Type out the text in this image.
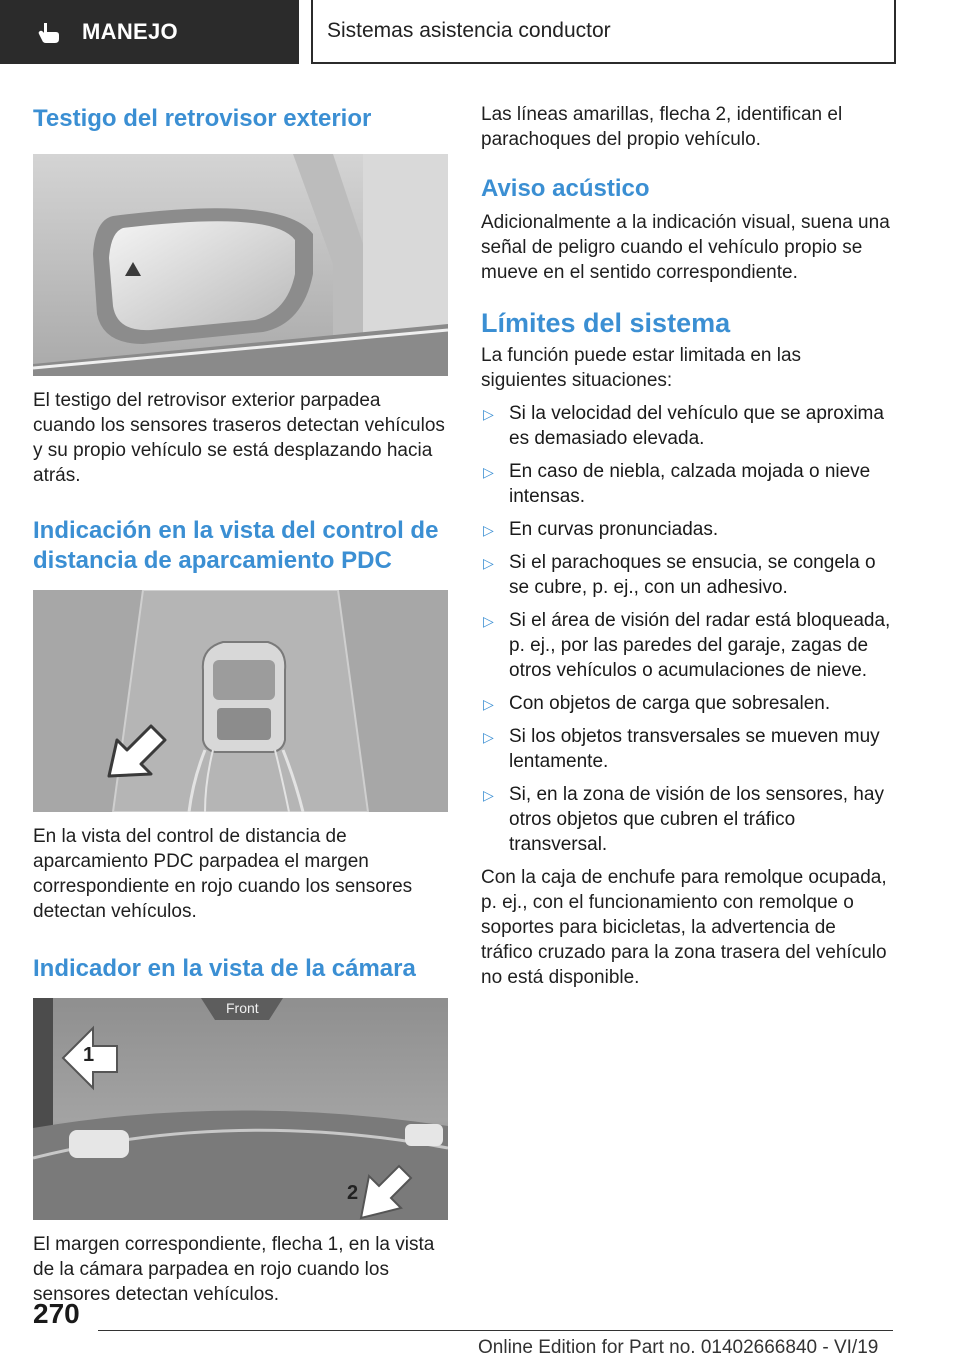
MANEJO	Sistemas asistencia conductor
Testigo del retrovisor exterior

El testigo del retrovisor exterior parpadea cuando los sensores traseros detectan vehículos y su propio vehículo se está desplazando hacia atrás.

Indicación en la vista del control de distancia de aparcamiento PDC

En la vista del control de distancia de aparcamiento PDC parpadea el margen correspondiente en rojo cuando los sensores detectan vehículos.

Indicador en la vista de la cámara
Front
1
2

El margen correspondiente, flecha 1, en la vista de la cámara parpadea en rojo cuando los sensores detectan vehículos.

Las líneas amarillas, flecha 2, identifican el parachoques del propio vehículo.

Aviso acústico

Adicionalmente a la indicación visual, suena una señal de peligro cuando el vehículo propio se mueve en el sentido correspondiente.

Límites del sistema

La función puede estar limitada en las siguientes situaciones:

▷ Si la velocidad del vehículo que se aproxima es demasiado elevada.
▷ En caso de niebla, calzada mojada o nieve intensas.
▷ En curvas pronunciadas.
▷ Si el parachoques se ensucia, se congela o se cubre, p. ej., con un adhesivo.
▷ Si el área de visión del radar está bloqueada, p. ej., por las paredes del garaje, zagas de otros vehículos o acumulaciones de nieve.
▷ Con objetos de carga que sobresalen.
▷ Si los objetos transversales se mueven muy lentamente.
▷ Si, en la zona de visión de los sensores, hay otros objetos que cubren el tráfico transversal.

Con la caja de enchufe para remolque ocupada, p. ej., con el funcionamiento con remolque o soportes para bicicletas, la advertencia de tráfico cruzado para la zona trasera del vehículo no está disponible.

270
Online Edition for Part no. 01402666840 - VI/19
